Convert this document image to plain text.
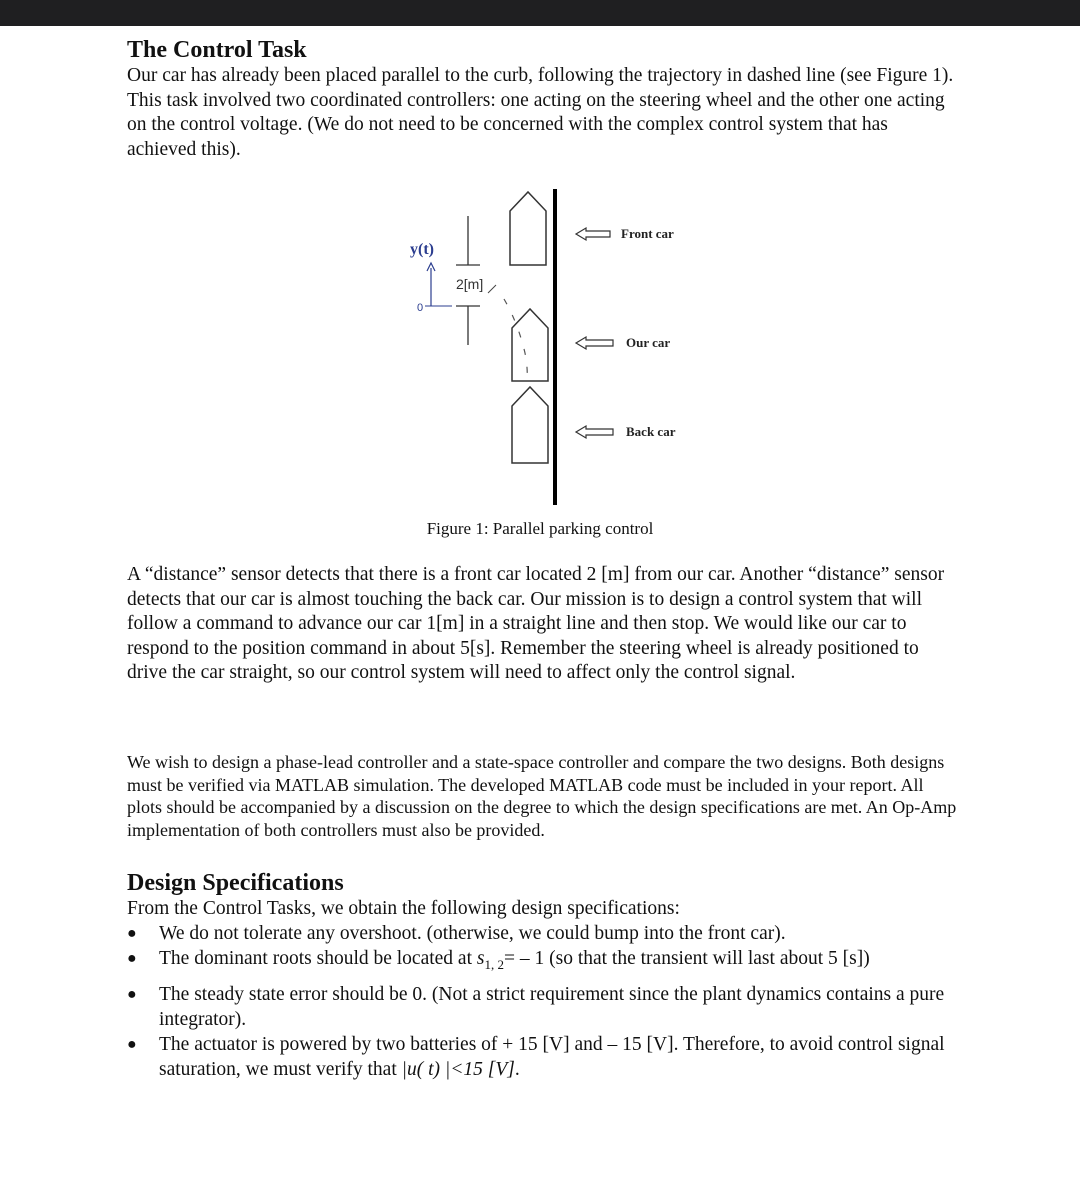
The Control Task

Our car has already been placed parallel to the curb, following the trajectory in dashed line (see Figure 1). This task involved two coordinated controllers: one acting on the steering wheel and the other one acting on the control voltage. (We do not need to be concerned with the complex control system that has achieved this).

2[m]
y(t)
0
Front car
Our car
Back car
Figure 1: Parallel parking control

A “distance” sensor detects that there is a front car located 2 [m] from our car. Another “distance” sensor detects that our car is almost touching the back car. Our mission is to design a control system that will follow a command to advance our car 1[m] in a straight line and then stop. We would like our car to respond to the position command in about 5[s]. Remember the steering wheel is already positioned to drive the car straight, so our control system will need to affect only the control signal.

We wish to design a phase-lead controller and a state-space controller and compare the two designs. Both designs must be verified via MATLAB simulation. The developed MATLAB code must be included in your report. All plots should be accompanied by a discussion on the degree to which the design specifications are met. An Op-Amp implementation of both controllers must also be provided.

Design Specifications

From the Control Tasks, we obtain the following design specifications:

● We do not tolerate any overshoot. (otherwise, we could bump into the front car).
● The dominant roots should be located at $s_{1, 2}= - 1$ (so that the transient will last about 5 [s])
● The steady state error should be 0. (Not a strict requirement since the plant dynamics contains a pure integrator).
● The actuator is powered by two batteries of + 15 [V] and – 15 [V]. Therefore, to avoid control signal saturation, we must verify that |u( t) |<15 [V].
